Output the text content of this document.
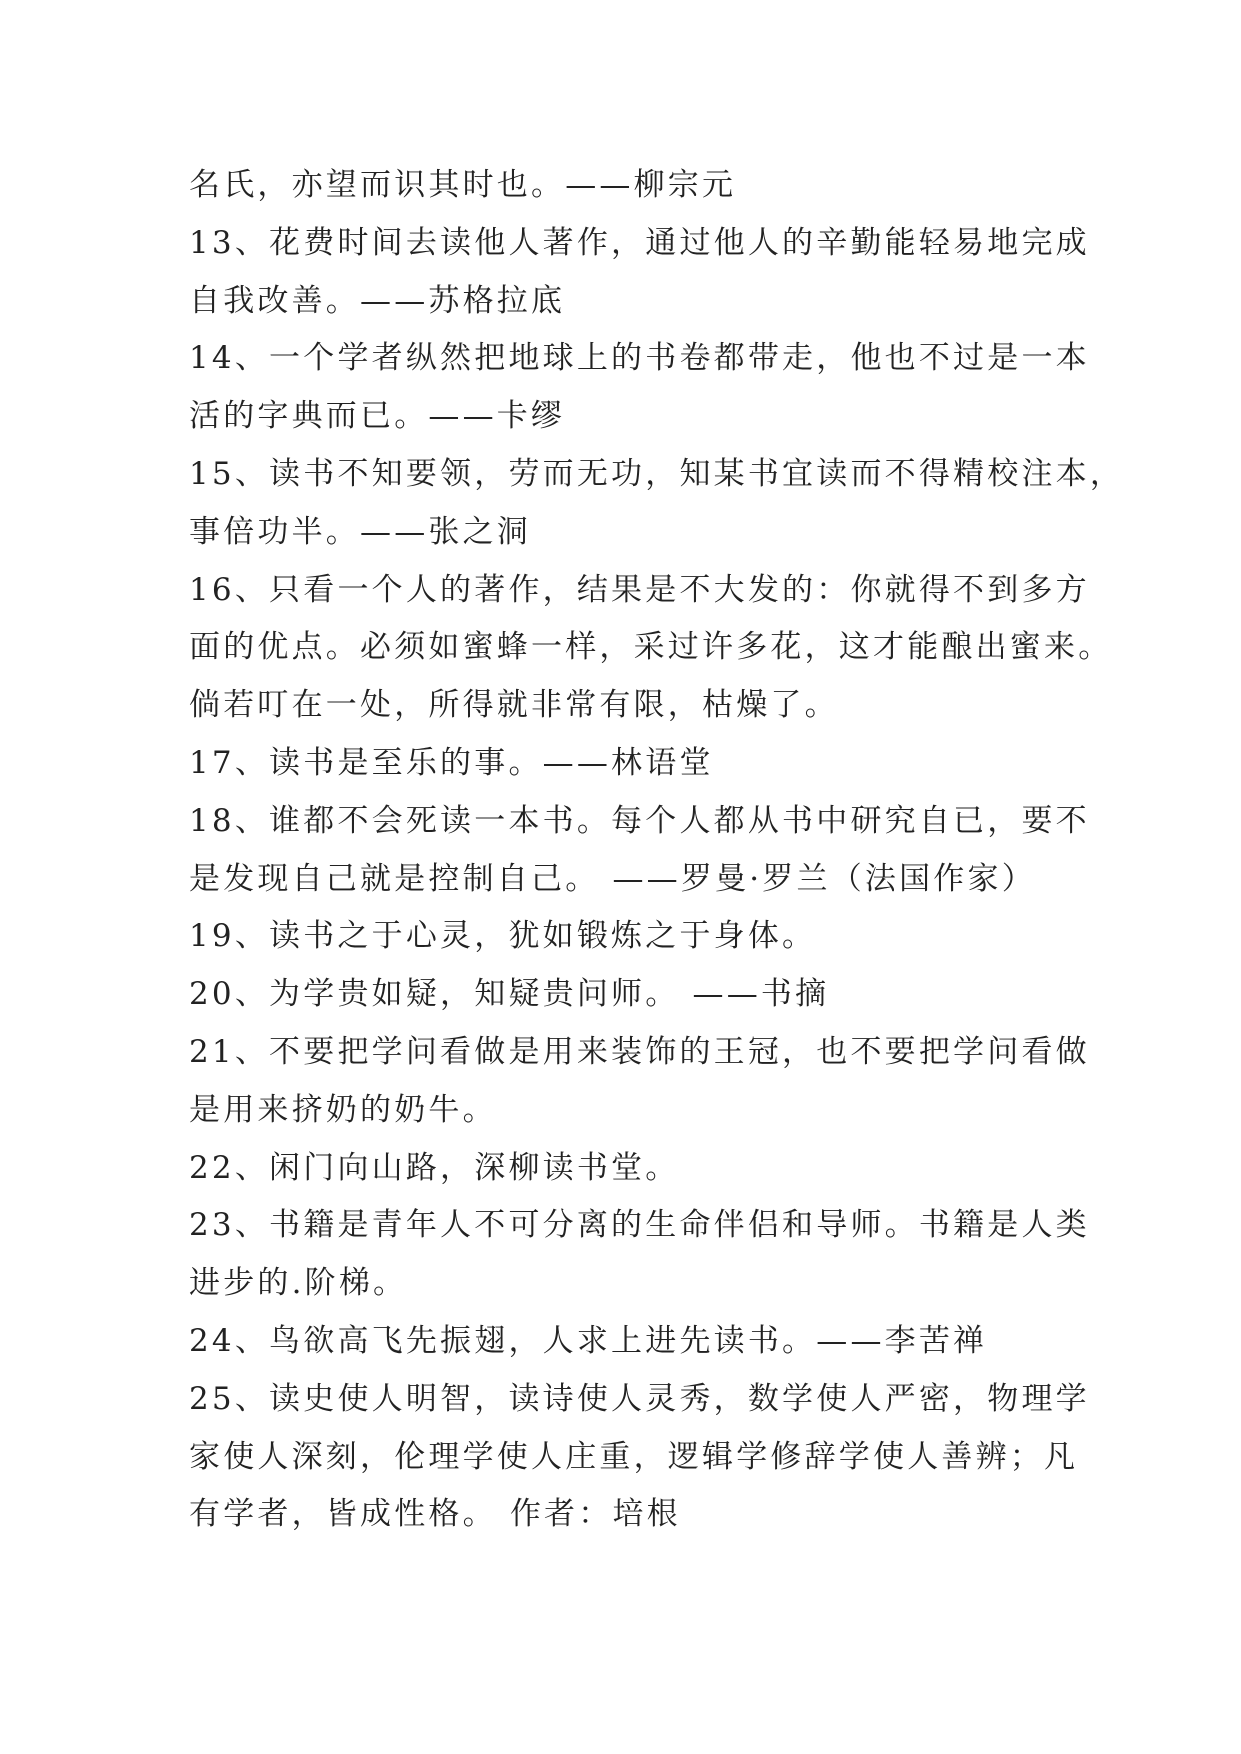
名氏，亦望而识其时也。——柳宗元
13、花费时间去读他人著作，通过他人的辛勤能轻易地完成
自我改善。——苏格拉底
14、一个学者纵然把地球上的书卷都带走，他也不过是一本
活的字典而已。——卡缪
15、读书不知要领，劳而无功，知某书宜读而不得精校注本，
事倍功半。——张之洞
16、只看一个人的著作，结果是不大发的：你就得不到多方
面的优点。必须如蜜蜂一样，采过许多花，这才能酿出蜜来。
倘若叮在一处，所得就非常有限，枯燥了。
17、读书是至乐的事。——林语堂
18、谁都不会死读一本书。每个人都从书中研究自已，要不
是发现自己就是控制自己。 ——罗曼·罗兰（法国作家）
19、读书之于心灵，犹如锻炼之于身体。
20、为学贵如疑，知疑贵问师。 ——书摘
21、不要把学问看做是用来装饰的王冠，也不要把学问看做
是用来挤奶的奶牛。
22、闲门向山路，深柳读书堂。
23、书籍是青年人不可分离的生命伴侣和导师。书籍是人类
进步的.阶梯。
24、鸟欲高飞先振翅，人求上进先读书。——李苦禅
25、读史使人明智，读诗使人灵秀，数学使人严密，物理学
家使人深刻，伦理学使人庄重，逻辑学修辞学使人善辨；凡
有学者，皆成性格。 作者：培根
